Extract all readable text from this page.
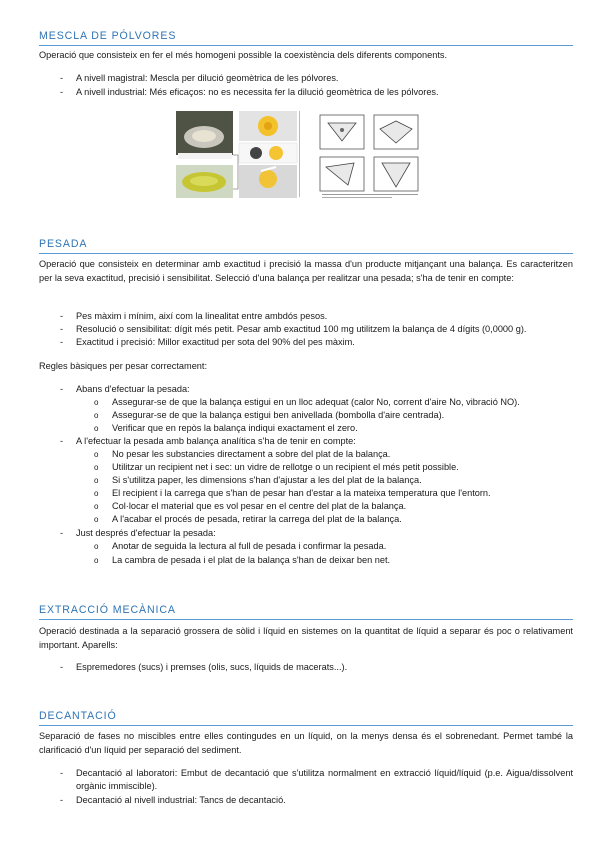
MESCLA DE PÓLVORES
Operació que consisteix en fer el més homogeni possible la coexistència dels diferents components.
- A nivell magistral: Mescla per dilució geomètrica de les pólvores.
- A nivell industrial: Més eficaços: no es necessita fer la dilució geomètrica de les pólvores.
PESADA
Operació que consisteix en determinar amb exactitud i precisió la massa d'un producte mitjançant una balança. Es caracteritzen per la seva exactitud, precisió i sensibilitat. Selecció d'una balança per realitzar una pesada; s'ha de tenir en compte:
- Pes màxim i mínim, així com la linealitat entre ambdós pesos.
- Resolució o sensibilitat: dígit més petit. Pesar amb exactitud 100 mg utilitzem la balança de 4 dígits (0,0000 g).
- Exactitud i precisió: Millor exactitud per sota del 90% del pes màxim.
Regles bàsiques per pesar correctament:
- Abans d'efectuar la pesada:
o Assegurar-se de que la balança estigui en un lloc adequat (calor No, corrent d'aire No, vibració NO).
o Assegurar-se de que la balança estigui ben anivellada (bombolla d'aire centrada).
o Verificar que en repòs la balança indiqui exactament el zero.
- A l'efectuar la pesada amb balança analítica s'ha de tenir en compte:
o No pesar les substancies directament a sobre del plat de la balança.
o Utilitzar un recipient net i sec: un vidre de rellotge o un recipient el més petit possible.
o Si s'utilitza paper, les dimensions s'han d'ajustar a les del plat de la balança.
o El recipient i la carrega que s'han de pesar han d'estar a la mateixa temperatura que l'entorn.
o Col·locar el material que es vol pesar en el centre del plat de la balança.
o A l'acabar el procés de pesada, retirar la carrega del plat de la balança.
- Just després d'efectuar la pesada:
o Anotar de seguida la lectura al full de pesada i confirmar la pesada.
o La cambra de pesada i el plat de la balança s'han de deixar ben net.
EXTRACCIÓ MECÀNICA
Operació destinada a la separació grossera de sòlid i líquid en sistemes on la quantitat de líquid a separar és poc o relativament important. Aparells:
- Espremedores (sucs) i premses (olis, sucs, líquids de macerats...).
DECANTACIÓ
Separació de fases no miscibles entre elles contingudes en un líquid, on la menys densa és el sobrenedant. Permet també la clarificació d'un líquid per separació del sediment.
- Decantació al laboratori: Embut de decantació que s'utilitza normalment en extracció líquid/líquid (p.e. Aigua/dissolvent orgànic immiscible).
- Decantació al nivell industrial: Tancs de decantació.
